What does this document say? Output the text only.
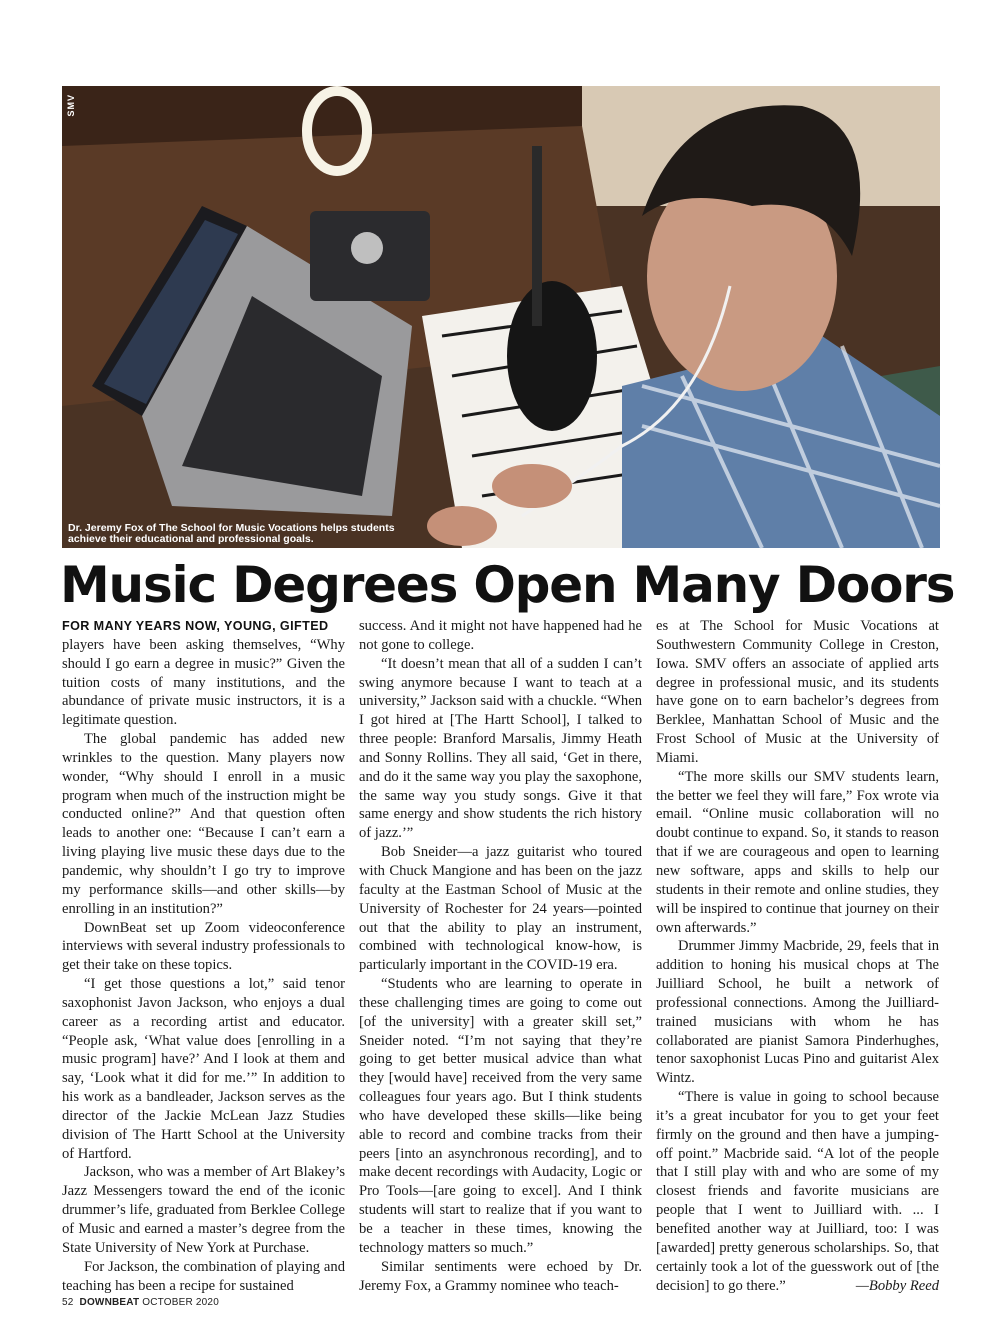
SMV
Dr. Jeremy Fox of The School for Music Vocations helps students achieve their educational and professional goals.
Music Degrees Open Many Doors

FOR MANY YEARS NOW, YOUNG, GIFTED
players have been asking themselves, “Why should I go earn a degree in music?” Given the tuition costs of many institutions, and the abundance of private music instructors, it is a legitimate question.

The global pandemic has added new wrinkles to the question. Many players now wonder, “Why should I enroll in a music program when much of the instruction might be conducted online?” And that question often leads to another one: “Because I can’t earn a living playing live music these days due to the pandemic, why shouldn’t I go try to improve my performance skills—and other skills—by enrolling in an institution?”

DownBeat set up Zoom videoconference interviews with several industry professionals to get their take on these topics.

“I get those questions a lot,” said tenor saxophonist Javon Jackson, who enjoys a dual career as a recording artist and educator. “People ask, ‘What value does [enrolling in a music program] have?’ And I look at them and say, ‘Look what it did for me.’” In addition to his work as a bandleader, Jackson serves as the director of the Jackie McLean Jazz Studies division of The Hartt School at the University of Hartford.

Jackson, who was a member of Art Blakey’s Jazz Messengers toward the end of the iconic drummer’s life, graduated from Berklee College of Music and earned a master’s degree from the State University of New York at Purchase.

For Jackson, the combination of playing and teaching has been a recipe for sustained

success. And it might not have happened had he not gone to college.

“It doesn’t mean that all of a sudden I can’t swing anymore because I want to teach at a university,” Jackson said with a chuckle. “When I got hired at [The Hartt School], I talked to three people: Branford Marsalis, Jimmy Heath and Sonny Rollins. They all said, ‘Get in there, and do it the same way you play the saxophone, the same way you study songs. Give it that same energy and show students the rich history of jazz.’”

Bob Sneider—a jazz guitarist who toured with Chuck Mangione and has been on the jazz faculty at the Eastman School of Music at the University of Rochester for 24 years—pointed out that the ability to play an instrument, combined with technological know-how, is particularly important in the COVID-19 era.

“Students who are learning to operate in these challenging times are going to come out [of the university] with a greater skill set,” Sneider noted. “I’m not saying that they’re going to get better musical advice than what they [would have] received from the very same colleagues four years ago. But I think students who have developed these skills—like being able to record and combine tracks from their peers [into an asynchronous recording], and to make decent recordings with Audacity, Logic or Pro Tools—[are going to excel]. And I think students will start to realize that if you want to be a teacher in these times, knowing the technology matters so much.”

Similar sentiments were echoed by Dr. Jeremy Fox, a Grammy nominee who teach-

es at The School for Music Vocations at Southwestern Community College in Creston, Iowa. SMV offers an associate of applied arts degree in professional music, and its students have gone on to earn bachelor’s degrees from Berklee, Manhattan School of Music and the Frost School of Music at the University of Miami.

“The more skills our SMV students learn, the better we feel they will fare,” Fox wrote via email. “Online music collaboration will no doubt continue to expand. So, it stands to reason that if we are courageous and open to learning new software, apps and skills to help our students in their remote and online studies, they will be inspired to continue that journey on their own afterwards.”

Drummer Jimmy Macbride, 29, feels that in addition to honing his musical chops at The Juilliard School, he built a network of professional connections. Among the Juilliard-trained musicians with whom he has collaborated are pianist Samora Pinderhughes, tenor saxophonist Lucas Pino and guitarist Alex Wintz.

“There is value in going to school because it’s a great incubator for you to get your feet firmly on the ground and then have a jumping-off point.” Macbride said. “A lot of the people that I still play with and who are some of my closest friends and favorite musicians are people that I went to Juilliard with. ... I benefited another way at Juilliard, too: I was [awarded] pretty generous scholarships. So, that certainly took a lot of the guesswork out of [the decision] to go there.”	—Bobby Reed
52 DOWNBEAT OCTOBER 2020
